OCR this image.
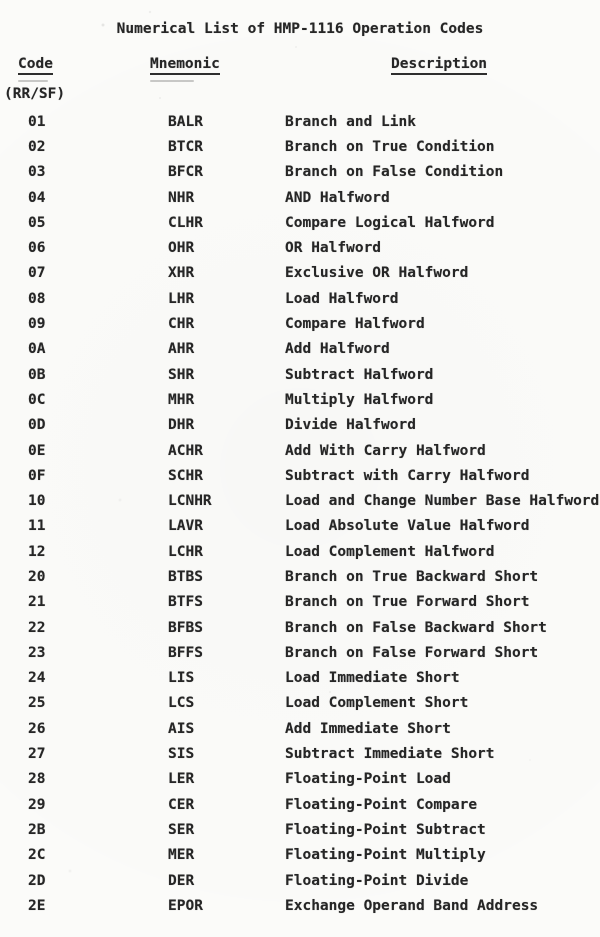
Numerical List of HMP-1116 Operation Codes
Code	Mnemonic	Description
(RR/SF)
01	BALR	Branch and Link
02	BTCR	Branch on True Condition
03	BFCR	Branch on False Condition
04	NHR	AND Halfword
05	CLHR	Compare Logical Halfword
06	OHR	OR Halfword
07	XHR	Exclusive OR Halfword
08	LHR	Load Halfword
09	CHR	Compare Halfword
0A	AHR	Add Halfword
0B	SHR	Subtract Halfword
0C	MHR	Multiply Halfword
0D	DHR	Divide Halfword
0E	ACHR	Add With Carry Halfword
0F	SCHR	Subtract with Carry Halfword
10	LCNHR	Load and Change Number Base Halfword
11	LAVR	Load Absolute Value Halfword
12	LCHR	Load Complement Halfword
20	BTBS	Branch on True Backward Short
21	BTFS	Branch on True Forward Short
22	BFBS	Branch on False Backward Short
23	BFFS	Branch on False Forward Short
24	LIS	Load Immediate Short
25	LCS	Load Complement Short
26	AIS	Add Immediate Short
27	SIS	Subtract Immediate Short
28	LER	Floating-Point Load
29	CER	Floating-Point Compare
2B	SER	Floating-Point Subtract
2C	MER	Floating-Point Multiply
2D	DER	Floating-Point Divide
2E	EPOR	Exchange Operand Band Address
